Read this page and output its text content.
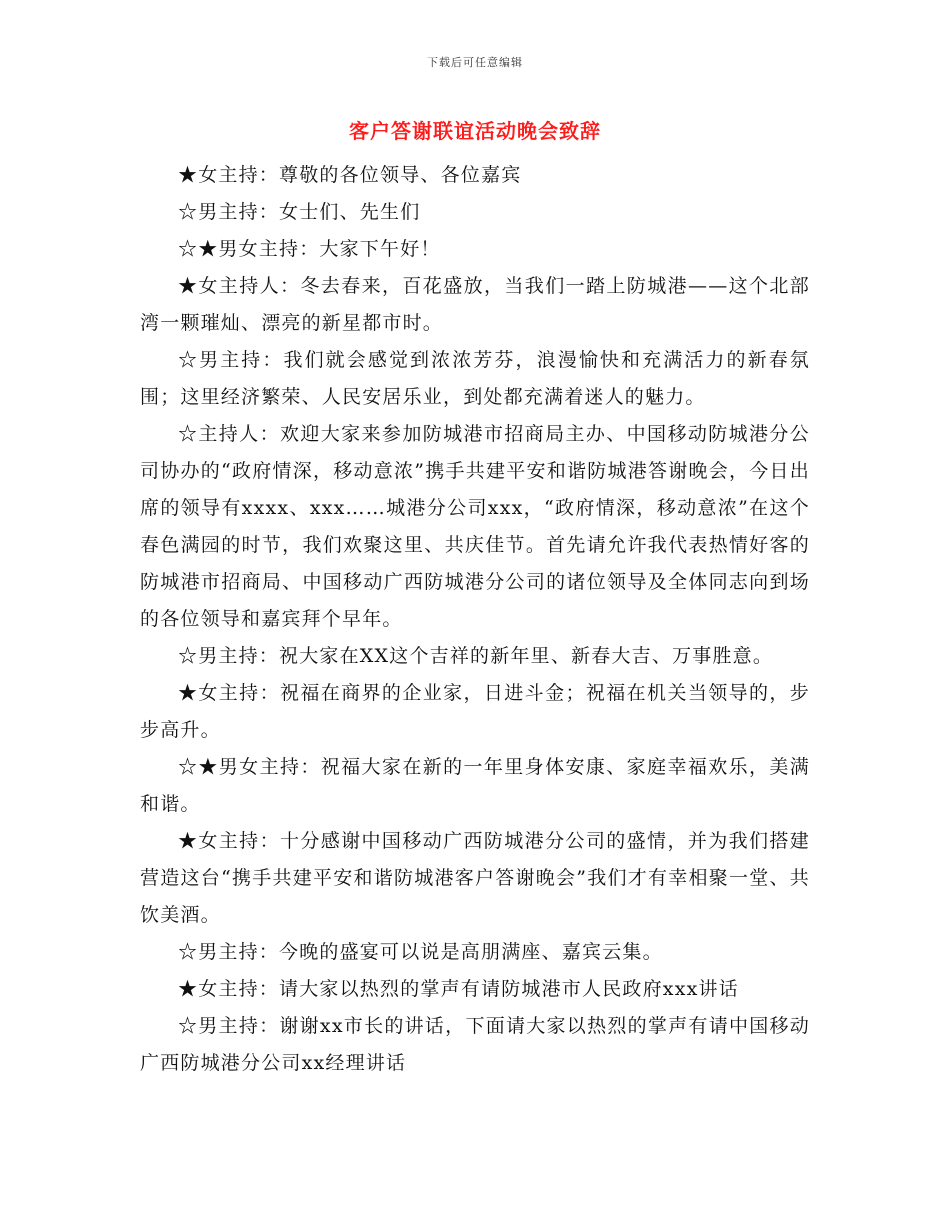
下载后可任意编辑
客户答谢联谊活动晚会致辞

★女主持：尊敬的各位领导、各位嘉宾

☆男主持：女士们、先生们

☆★男女主持：大家下午好！

★女主持人：冬去春来，百花盛放，当我们一踏上防城港——这个北部湾一颗璀灿、漂亮的新星都市时。

☆男主持：我们就会感觉到浓浓芳芬，浪漫愉快和充满活力的新春氛围；这里经济繁荣、人民安居乐业，到处都充满着迷人的魅力。

☆主持人：欢迎大家来参加防城港市招商局主办、中国移动防城港分公司协办的“政府情深，移动意浓”携手共建平安和谐防城港答谢晚会，今日出席的领导有xxxx、xxx……城港分公司xxx，“政府情深，移动意浓”在这个春色满园的时节，我们欢聚这里、共庆佳节。首先请允许我代表热情好客的防城港市招商局、中国移动广西防城港分公司的诸位领导及全体同志向到场的各位领导和嘉宾拜个早年。

☆男主持：祝大家在XX这个吉祥的新年里、新春大吉、万事胜意。

★女主持：祝福在商界的企业家，日进斗金；祝福在机关当领导的，步步高升。

☆★男女主持：祝福大家在新的一年里身体安康、家庭幸福欢乐，美满和谐。

★女主持：十分感谢中国移动广西防城港分公司的盛情，并为我们搭建营造这台“携手共建平安和谐防城港客户答谢晚会”我们才有幸相聚一堂、共饮美酒。

☆男主持：今晚的盛宴可以说是高朋满座、嘉宾云集。

★女主持：请大家以热烈的掌声有请防城港市人民政府xxx讲话

☆男主持：谢谢xx市长的讲话，下面请大家以热烈的掌声有请中国移动广西防城港分公司xx经理讲话
